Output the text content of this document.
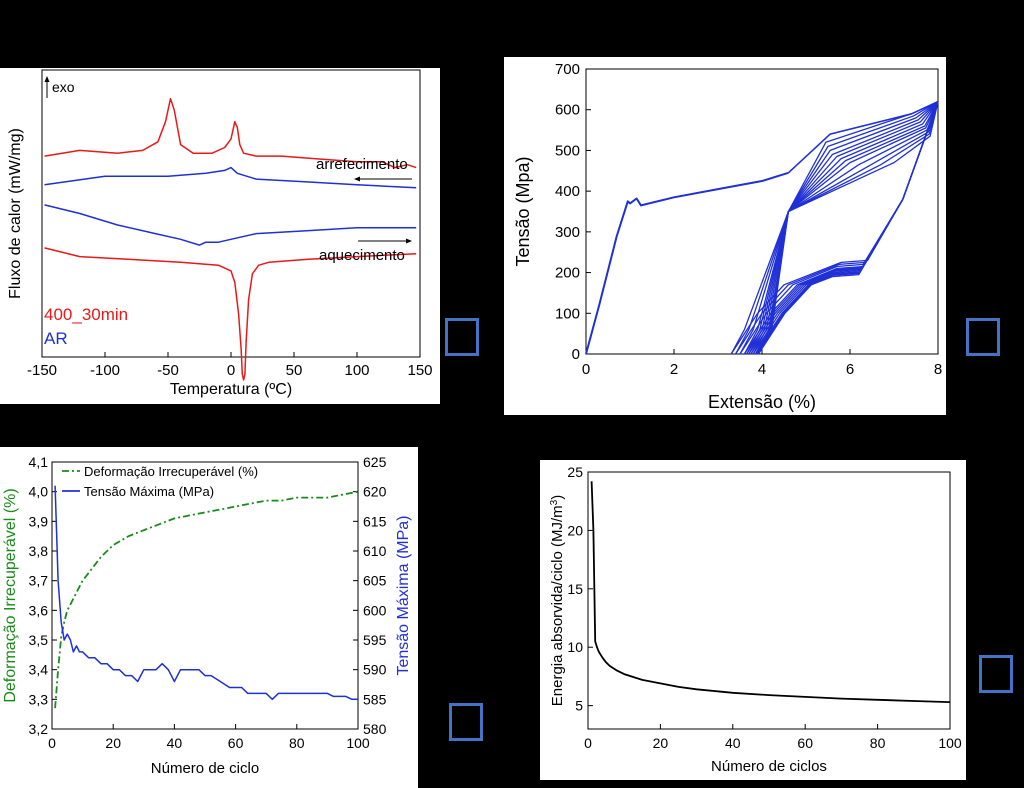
-150 -100 -50	0	50	100	150
Temperatura (ºC)
Fluxo de calor (mW/mg)
exo
arrefecimento
aquecimento
400_30min
AR
0	2	4	6	8
0
100
200
300
400
500
600
700
Extensão (%)
Tensão (Mpa)
0	20	40	60	80	100
3,2
3,3
3,4
3,5
3,6
3,7
3,8
3,9
4,0
4,1
580
585
590
595
600
605
610
615
620
625
Número de ciclo
Deformação Irrecuperável (%)	Tensão Máxima (MPa)
Deformação Irrecuperável (%)
Tensão Máxima (MPa)
0	20	40	60	80	100
5
10
15
20
25
Número de ciclos
Energia absorvida/ciclo $(MJ/m^3)$
